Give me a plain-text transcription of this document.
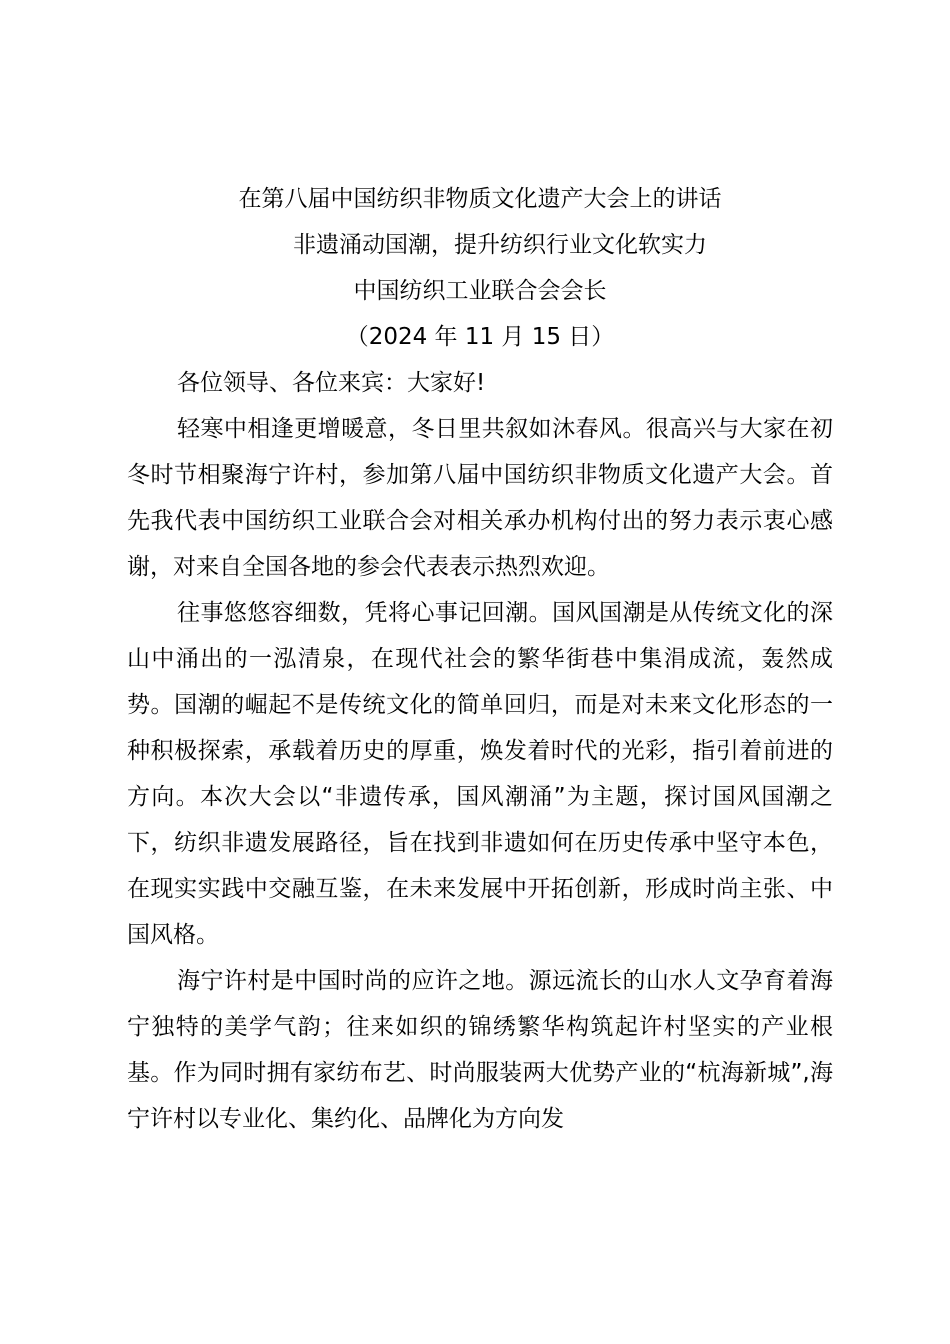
在第八届中国纺织非物质文化遗产大会上的讲话

非遗涌动国潮，提升纺织行业文化软实力

中国纺织工业联合会会长

（2024 年 11 月 15 日）

各位领导、各位来宾：大家好!

轻寒中相逢更增暖意，冬日里共叙如沐春风。很高兴与大家在初冬时节相聚海宁许村，参加第八届中国纺织非物质文化遗产大会。首先我代表中国纺织工业联合会对相关承办机构付出的努力表示衷心感谢，对来自全国各地的参会代表表示热烈欢迎。

往事悠悠容细数，凭将心事记回潮。国风国潮是从传统文化的深山中涌出的一泓清泉，在现代社会的繁华街巷中集涓成流，轰然成势。国潮的崛起不是传统文化的简单回归，而是对未来文化形态的一种积极探索，承载着历史的厚重，焕发着时代的光彩，指引着前进的方向。本次大会以“非遗传承，国风潮涌”为主题，探讨国风国潮之下，纺织非遗发展路径，旨在找到非遗如何在历史传承中坚守本色，在现实实践中交融互鉴，在未来发展中开拓创新，形成时尚主张、中国风格。

海宁许村是中国时尚的应许之地。源远流长的山水人文孕育着海宁独特的美学气韵；往来如织的锦绣繁华构筑起许村坚实的产业根基。作为同时拥有家纺布艺、时尚服装两大优势产业的“杭海新城”,海宁许村以专业化、集约化、品牌化为方向发
